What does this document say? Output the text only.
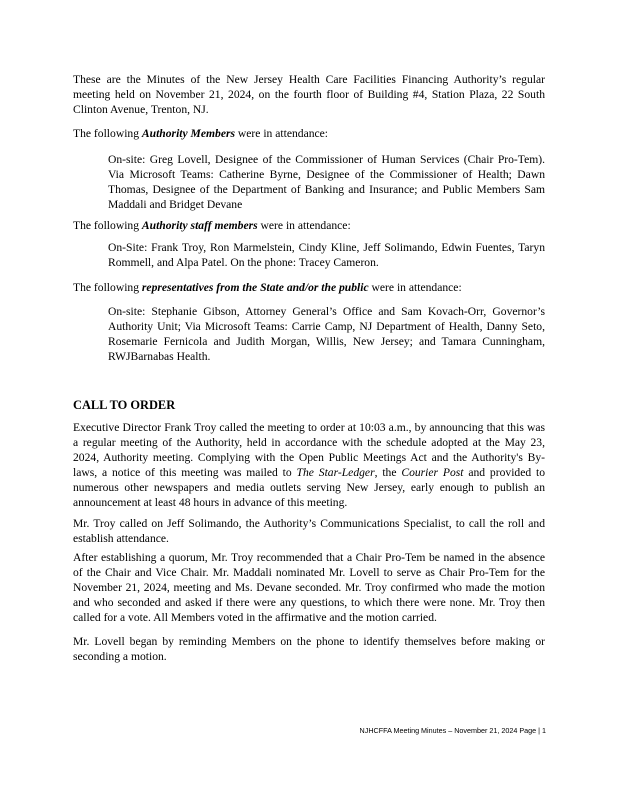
These are the Minutes of the New Jersey Health Care Facilities Financing Authority’s regular meeting held on November 21, 2024, on the fourth floor of Building #4, Station Plaza, 22 South Clinton Avenue, Trenton, NJ.

The following Authority Members were in attendance:

On-site: Greg Lovell, Designee of the Commissioner of Human Services (Chair Pro-Tem). Via Microsoft Teams: Catherine Byrne, Designee of the Commissioner of Health; Dawn Thomas, Designee of the Department of Banking and Insurance; and Public Members Sam Maddali and Bridget Devane

The following Authority staff members were in attendance:

On-Site: Frank Troy, Ron Marmelstein, Cindy Kline, Jeff Solimando, Edwin Fuentes, Taryn Rommell, and Alpa Patel. On the phone: Tracey Cameron.

The following representatives from the State and/or the public were in attendance:

On-site: Stephanie Gibson, Attorney General’s Office and Sam Kovach-Orr, Governor’s Authority Unit; Via Microsoft Teams: Carrie Camp, NJ Department of Health, Danny Seto, Rosemarie Fernicola and Judith Morgan, Willis, New Jersey; and Tamara Cunningham, RWJBarnabas Health.

CALL TO ORDER

Executive Director Frank Troy called the meeting to order at 10:03 a.m., by announcing that this was a regular meeting of the Authority, held in accordance with the schedule adopted at the May 23, 2024, Authority meeting. Complying with the Open Public Meetings Act and the Authority's By-laws, a notice of this meeting was mailed to The Star-Ledger, the Courier Post and provided to numerous other newspapers and media outlets serving New Jersey, early enough to publish an announcement at least 48 hours in advance of this meeting.

Mr. Troy called on Jeff Solimando, the Authority’s Communications Specialist, to call the roll and establish attendance.

After establishing a quorum, Mr. Troy recommended that a Chair Pro-Tem be named in the absence of the Chair and Vice Chair. Mr. Maddali nominated Mr. Lovell to serve as Chair Pro-Tem for the November 21, 2024, meeting and Ms. Devane seconded. Mr. Troy confirmed who made the motion and who seconded and asked if there were any questions, to which there were none. Mr. Troy then called for a vote. All Members voted in the affirmative and the motion carried.

Mr. Lovell began by reminding Members on the phone to identify themselves before making or seconding a motion.

NJHCFFA Meeting Minutes – November 21, 2024 Page | 1
